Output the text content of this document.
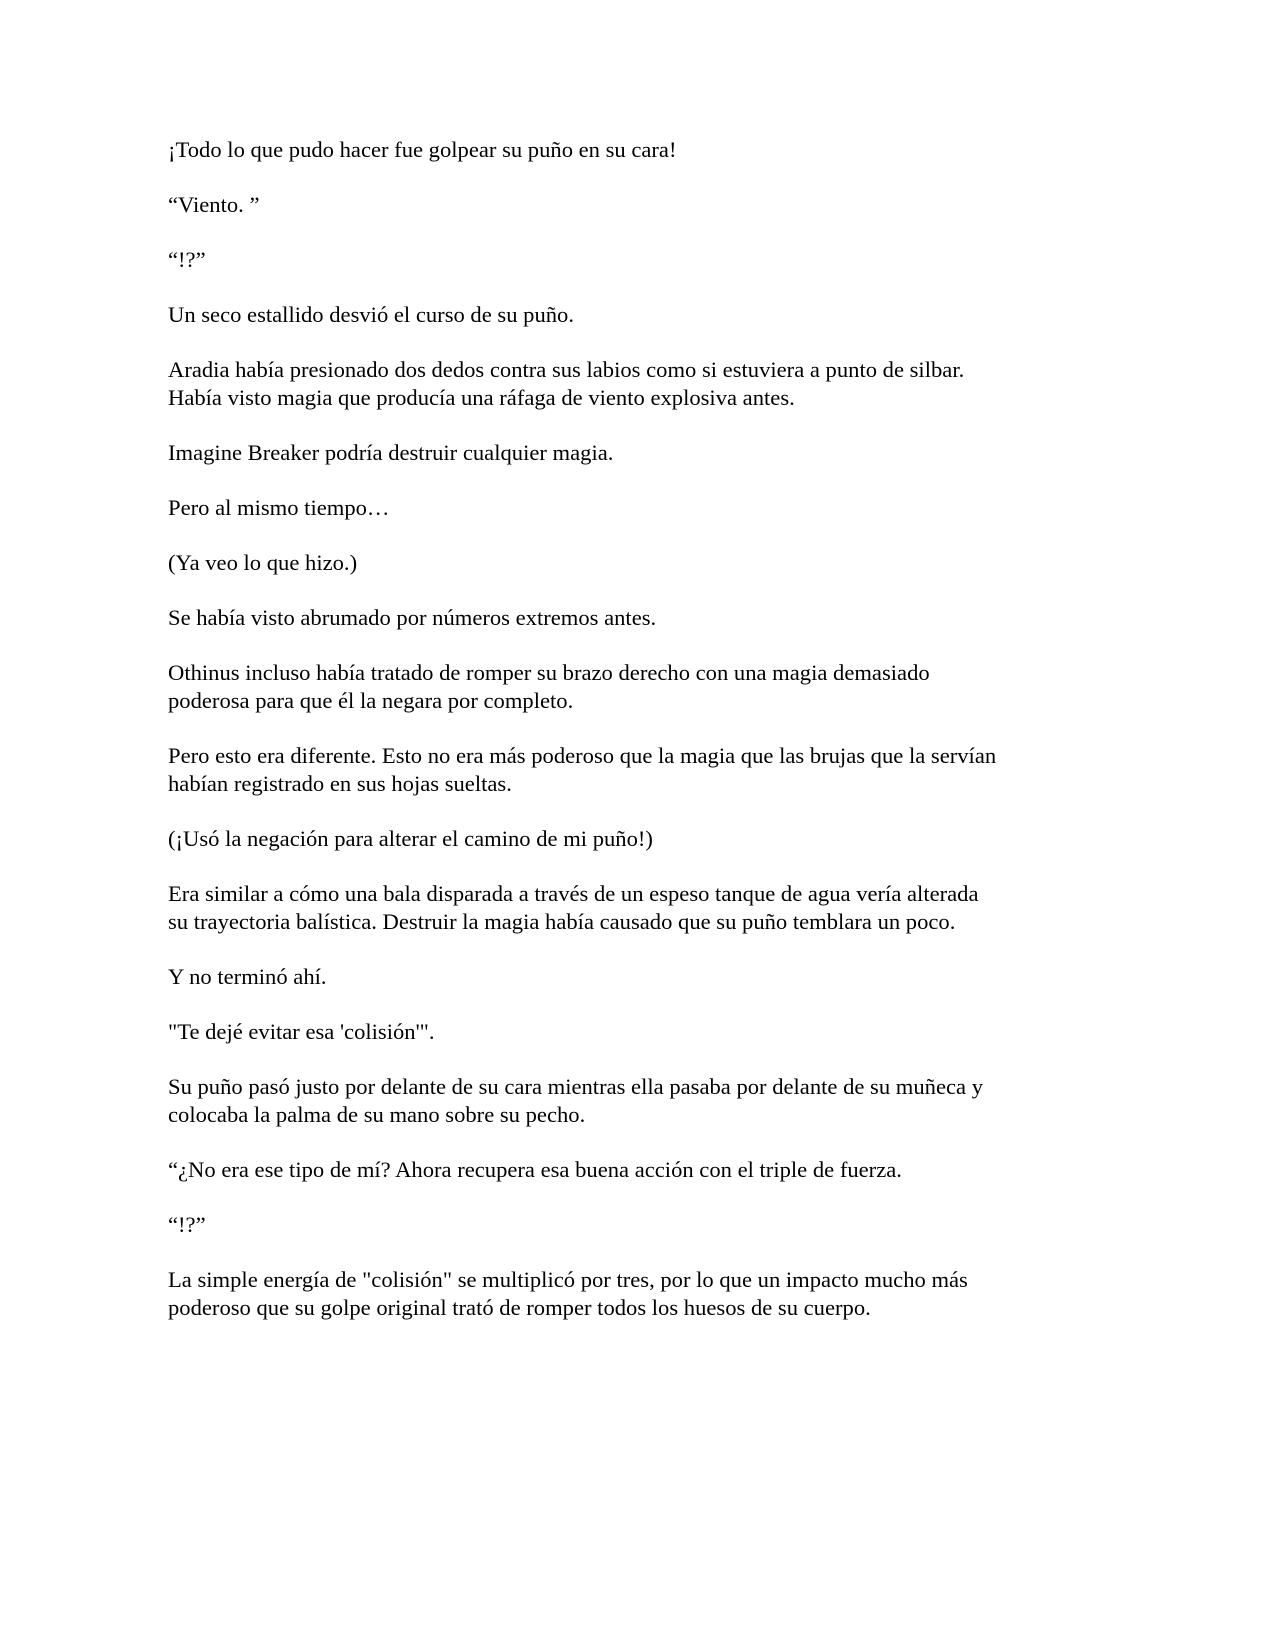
¡Todo lo que pudo hacer fue golpear su puño en su cara!

“Viento. ”

“!?”

Un seco estallido desvió el curso de su puño.

Aradia había presionado dos dedos contra sus labios como si estuviera a punto de silbar.
Había visto magia que producía una ráfaga de viento explosiva antes.

Imagine Breaker podría destruir cualquier magia.

Pero al mismo tiempo…

(Ya veo lo que hizo.)

Se había visto abrumado por números extremos antes.

Othinus incluso había tratado de romper su brazo derecho con una magia demasiado
poderosa para que él la negara por completo.

Pero esto era diferente. Esto no era más poderoso que la magia que las brujas que la servían
habían registrado en sus hojas sueltas.

(¡Usó la negación para alterar el camino de mi puño!)

Era similar a cómo una bala disparada a través de un espeso tanque de agua vería alterada
su trayectoria balística. Destruir la magia había causado que su puño temblara un poco.

Y no terminó ahí.

"Te dejé evitar esa 'colisión'".

Su puño pasó justo por delante de su cara mientras ella pasaba por delante de su muñeca y
colocaba la palma de su mano sobre su pecho.

“¿No era ese tipo de mí? Ahora recupera esa buena acción con el triple de fuerza.

“!?”

La simple energía de "colisión" se multiplicó por tres, por lo que un impacto mucho más
poderoso que su golpe original trató de romper todos los huesos de su cuerpo.
